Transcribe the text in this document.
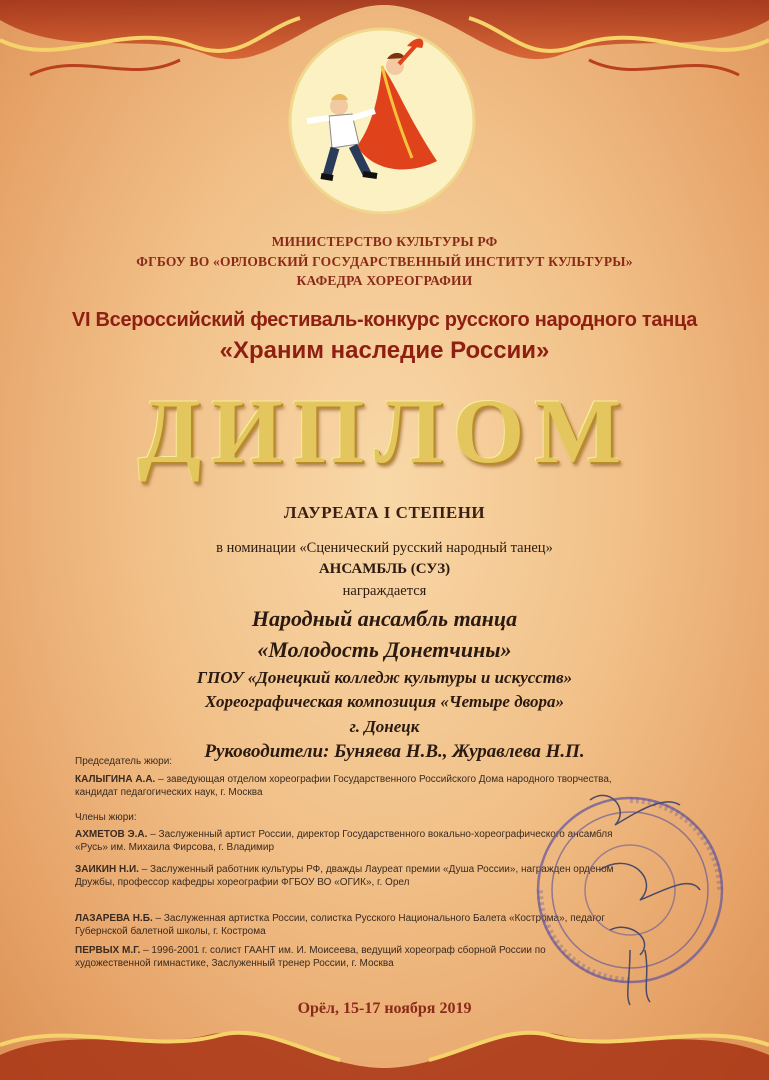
МИНИСТЕРСТВО КУЛЬТУРЫ РФ
ФГБОУ ВО «ОРЛОВСКИЙ ГОСУДАРСТВЕННЫЙ ИНСТИТУТ КУЛЬТУРЫ»
КАФЕДРА ХОРЕОГРАФИИ
VI Всероссийский фестиваль-конкурс русского народного танца
«Храним наследие России»
ДИПЛОМ
ЛАУРЕАТА I СТЕПЕНИ
в номинации «Сценический русский народный танец»
АНСАМБЛЬ (СУЗ)
награждается
Народный ансамбль танца
«Молодость Донетчины»
ГПОУ «Донецкий колледж культуры и искусств»
Хореографическая композиция «Четыре двора»
г. Донецк
Руководители: Буняева Н.В., Журавлева Н.П.
Председатель жюри:
КАЛЫГИНА А.А. – заведующая отделом хореографии Государственного Российского Дома народного творчества, кандидат педагогических наук, г. Москва
Члены жюри:
АХМЕТОВ Э.А. – Заслуженный артист России, директор Государственного вокально-хореографического ансамбля «Русь» им. Михаила Фирсова, г. Владимир
ЗАИКИН Н.И. – Заслуженный работник культуры РФ, дважды Лауреат премии «Душа России», награжден орденом Дружбы, профессор кафедры хореографии ФГБОУ ВО «ОГИК», г. Орел
ЛАЗАРЕВА Н.Б. – Заслуженная артистка России, солистка Русского Национального Балета «Кострома», педагог Губернской балетной школы, г. Кострома
ПЕРВЫХ М.Г. – 1996-2001 г. солист ГААНТ им. И. Моисеева, ведущий хореограф сборной России по художественной гимнастике, Заслуженный тренер России, г. Москва
Орёл, 15-17 ноября 2019
